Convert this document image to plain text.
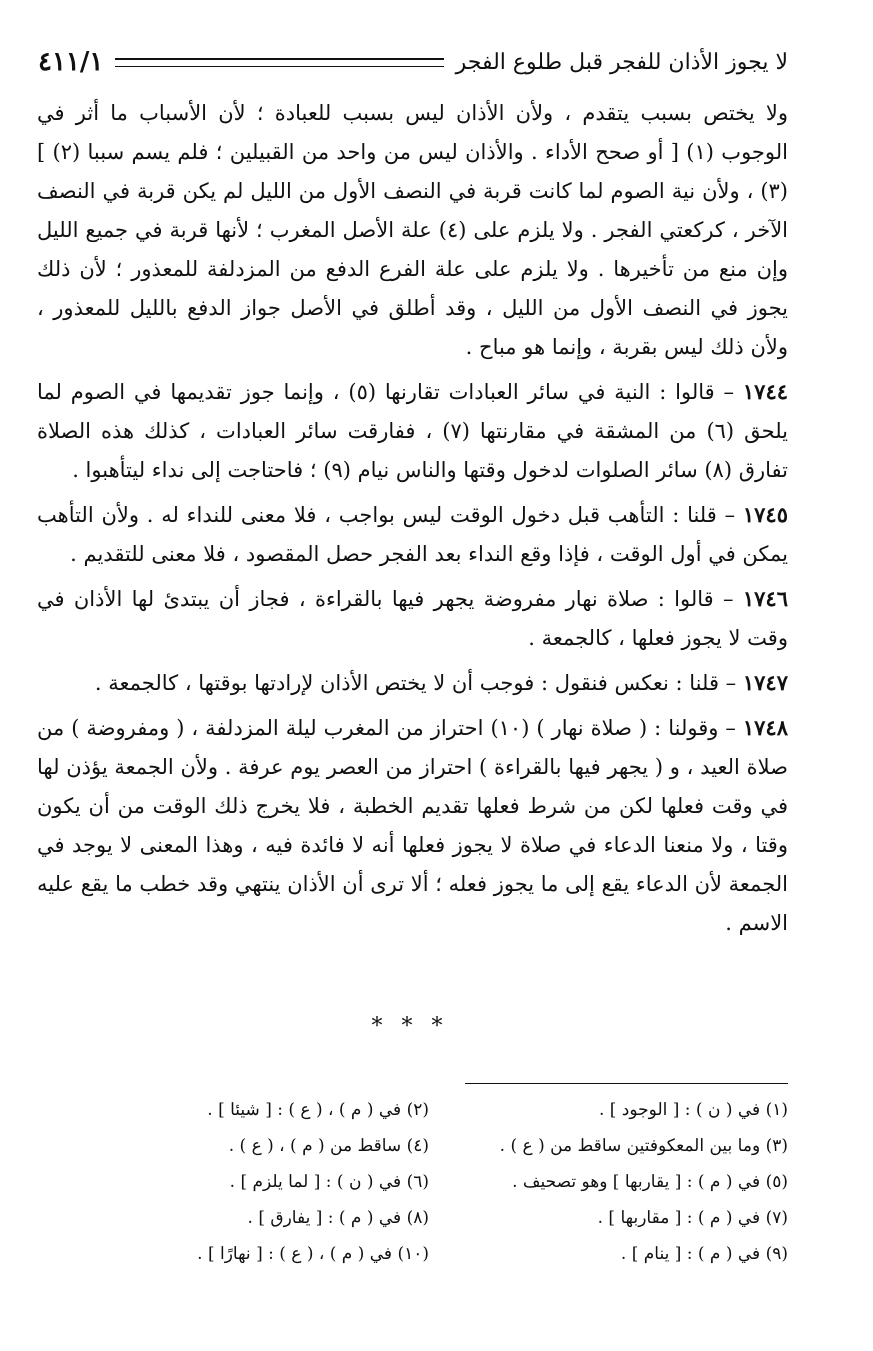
لا يجوز الأذان للفجر قبل طلوع الفجر
٤١١/١

ولا يختص بسبب يتقدم ، ولأن الأذان ليس بسبب للعبادة ؛ لأن الأسباب ما أثر في الوجوب (١) [ أو صحح الأداء . والأذان ليس من واحد من القبيلين ؛ فلم يسم سببا (٢) ] (٣) ، ولأن نية الصوم لما كانت قربة في النصف الأول من الليل لم يكن قربة في النصف الآخر ، كركعتي الفجر . ولا يلزم على (٤) علة الأصل المغرب ؛ لأنها قربة في جميع الليل وإن منع من تأخيرها . ولا يلزم على علة الفرع الدفع من المزدلفة للمعذور ؛ لأن ذلك يجوز في النصف الأول من الليل ، وقد أطلق في الأصل جواز الدفع بالليل للمعذور ، ولأن ذلك ليس بقربة ، وإنما هو مباح .

١٧٤٤ – قالوا : النية في سائر العبادات تقارنها (٥) ، وإنما جوز تقديمها في الصوم لما يلحق (٦) من المشقة في مقارنتها (٧) ، ففارقت سائر العبادات ، كذلك هذه الصلاة تفارق (٨) سائر الصلوات لدخول وقتها والناس نيام (٩) ؛ فاحتاجت إلى نداء ليتأهبوا .

١٧٤٥ – قلنا : التأهب قبل دخول الوقت ليس بواجب ، فلا معنى للنداء له . ولأن التأهب يمكن في أول الوقت ، فإذا وقع النداء بعد الفجر حصل المقصود ، فلا معنى للتقديم .

١٧٤٦ – قالوا : صلاة نهار مفروضة يجهر فيها بالقراءة ، فجاز أن يبتدئ لها الأذان في وقت لا يجوز فعلها ، كالجمعة .

١٧٤٧ – قلنا : نعكس فنقول : فوجب أن لا يختص الأذان لإرادتها بوقتها ، كالجمعة .

١٧٤٨ – وقولنا : ( صلاة نهار ) (١٠) احتراز من المغرب ليلة المزدلفة ، ( ومفروضة ) من صلاة العيد ، و ( يجهر فيها بالقراءة ) احتراز من العصر يوم عرفة . ولأن الجمعة يؤذن لها في وقت فعلها لكن من شرط فعلها تقديم الخطبة ، فلا يخرج ذلك الوقت من أن يكون وقتا ، ولا منعنا الدعاء في صلاة لا يجوز فعلها أنه لا فائدة فيه ، وهذا المعنى لا يوجد في الجمعة لأن الدعاء يقع إلى ما يجوز فعله ؛ ألا ترى أن الأذان ينتهي وقد خطب ما يقع عليه الاسم .

* * *
(١) في ( ن ) : [ الوجود ] .
(٢) في ( م ) ، ( ع ) : [ شيئا ] .
(٣) وما بين المعكوفتين ساقط من ( ع ) .
(٤) ساقط من ( م ) ، ( ع ) .
(٥) في ( م ) : [ يقاربها ] وهو تصحيف .
(٦) في ( ن ) : [ لما يلزم ] .
(٧) في ( م ) : [ مقاربها ] .
(٨) في ( م ) : [ يفارق ] .
(٩) في ( م ) : [ ينام ] .
(١٠) في ( م ) ، ( ع ) : [ نهارًا ] .
